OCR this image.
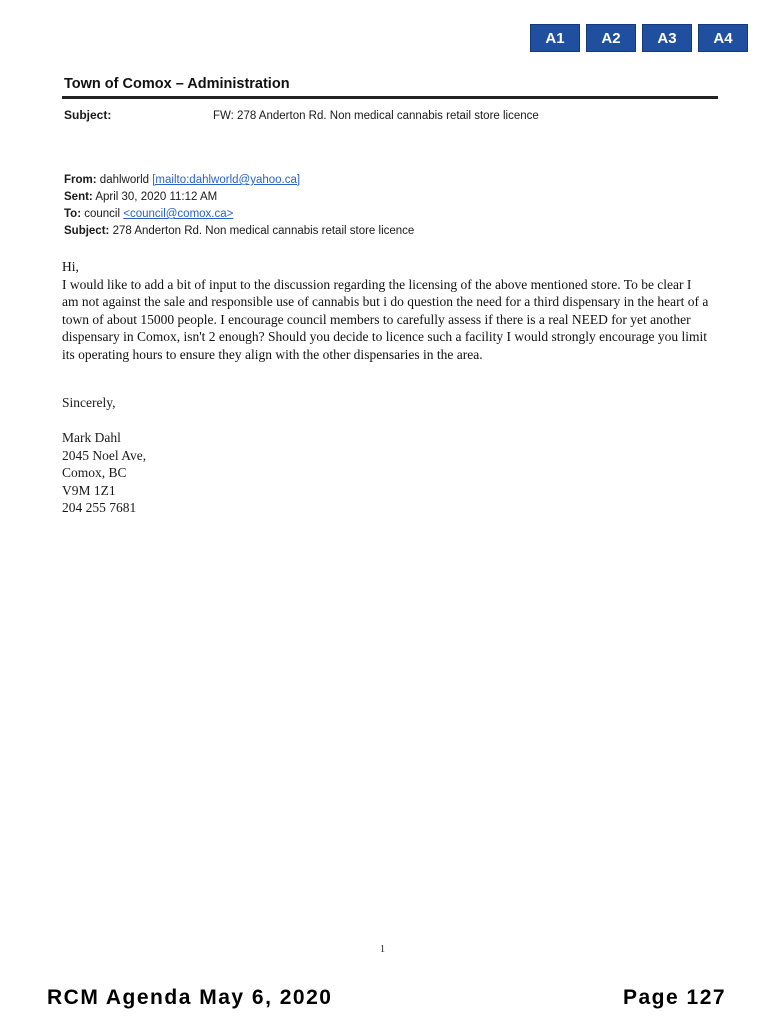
A1	A2	A3	A4
Town of Comox – Administration
Subject:	FW: 278 Anderton Rd. Non medical cannabis retail store licence
From: dahlworld [mailto:dahlworld@yahoo.ca]
Sent: April 30, 2020 11:12 AM
To: council <council@comox.ca>
Subject: 278 Anderton Rd. Non medical cannabis retail store licence

Hi,

I would like to add a bit of input to the discussion regarding the licensing of the above mentioned store. To be clear I am not against the sale and responsible use of cannabis but i do question the need for a third dispensary in the heart of a town of about 15000 people. I encourage council members to carefully assess if there is a real NEED for yet another dispensary in Comox, isn't 2 enough? Should you decide to licence such a facility I would strongly encourage you limit its operating hours to ensure they align with the other dispensaries in the area.

Sincerely,
Mark Dahl
2045 Noel Ave,
Comox, BC
V9M 1Z1
204 255 7681
1
RCM Agenda May 6, 2020	Page 127
